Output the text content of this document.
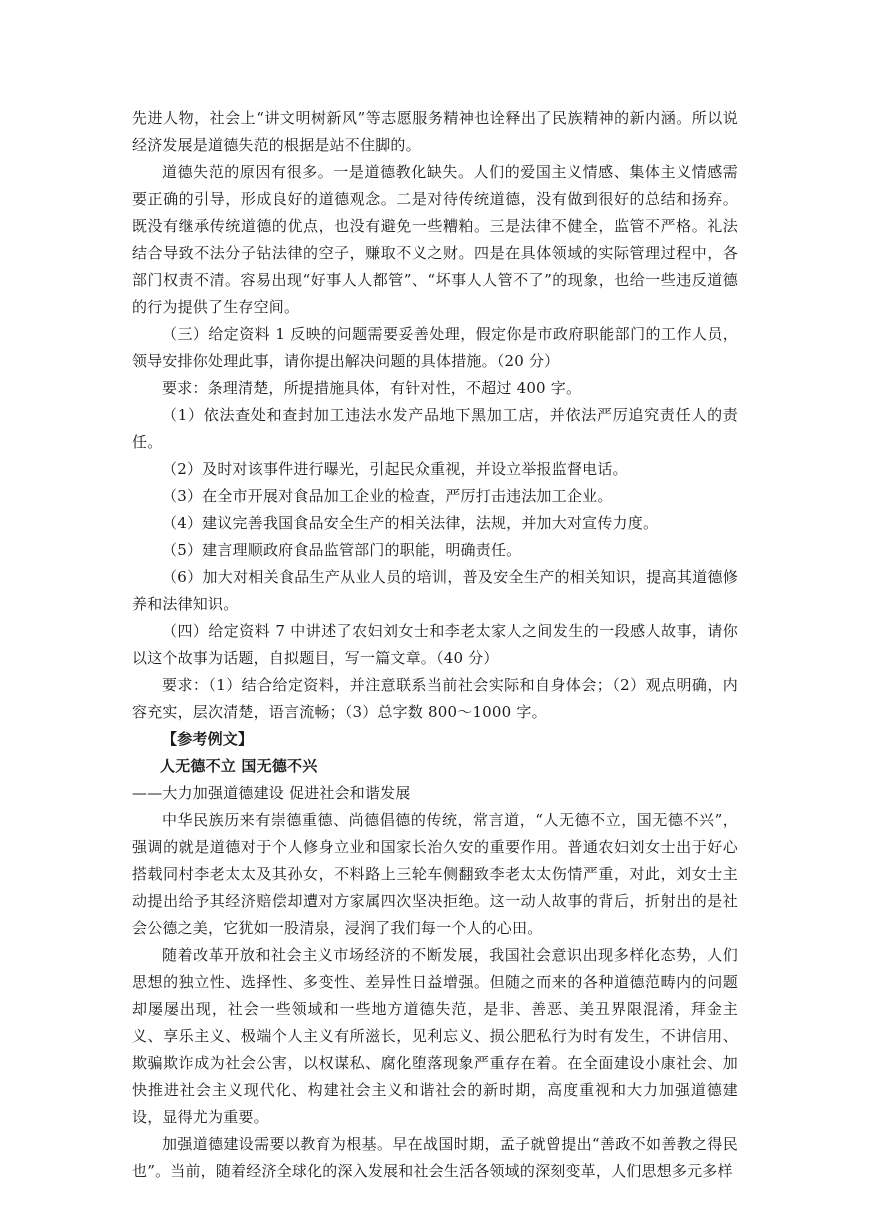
先进人物，社会上“讲文明树新风”等志愿服务精神也诠释出了民族精神的新内涵。所以说经济发展是道德失范的根据是站不住脚的。

道德失范的原因有很多。一是道德教化缺失。人们的爱国主义情感、集体主义情感需要正确的引导，形成良好的道德观念。二是对待传统道德，没有做到很好的总结和扬弃。既没有继承传统道德的优点，也没有避免一些糟粕。三是法律不健全，监管不严格。礼法结合导致不法分子钻法律的空子，赚取不义之财。四是在具体领域的实际管理过程中，各部门权责不清。容易出现“好事人人都管”、“坏事人人管不了”的现象，也给一些违反道德的行为提供了生存空间。

（三）给定资料 1 反映的问题需要妥善处理，假定你是市政府职能部门的工作人员，领导安排你处理此事，请你提出解决问题的具体措施。（20 分）

要求：条理清楚，所提措施具体，有针对性，不超过 400 字。

（1）依法查处和查封加工违法水发产品地下黑加工店，并依法严厉追究责任人的责任。

（2）及时对该事件进行曝光，引起民众重视，并设立举报监督电话。

（3）在全市开展对食品加工企业的检查，严厉打击违法加工企业。

（4）建议完善我国食品安全生产的相关法律，法规，并加大对宣传力度。

（5）建言理顺政府食品监管部门的职能，明确责任。

（6）加大对相关食品生产从业人员的培训，普及安全生产的相关知识，提高其道德修养和法律知识。

（四）给定资料 7 中讲述了农妇刘女士和李老太家人之间发生的一段感人故事，请你以这个故事为话题，自拟题目，写一篇文章。（40 分）

要求：（1）结合给定资料，并注意联系当前社会实际和自身体会；（2）观点明确，内容充实，层次清楚，语言流畅；（3）总字数 800～1000 字。

【参考例文】

人无德不立 国无德不兴

——大力加强道德建设 促进社会和谐发展

中华民族历来有崇德重德、尚德倡德的传统，常言道，“人无德不立，国无德不兴”，强调的就是道德对于个人修身立业和国家长治久安的重要作用。普通农妇刘女士出于好心搭载同村李老太太及其孙女，不料路上三轮车侧翻致李老太太伤情严重，对此，刘女士主动提出给予其经济赔偿却遭对方家属四次坚决拒绝。这一动人故事的背后，折射出的是社会公德之美，它犹如一股清泉，浸润了我们每一个人的心田。

随着改革开放和社会主义市场经济的不断发展，我国社会意识出现多样化态势，人们思想的独立性、选择性、多变性、差异性日益增强。但随之而来的各种道德范畴内的问题却屡屡出现，社会一些领域和一些地方道德失范，是非、善恶、美丑界限混淆，拜金主义、享乐主义、极端个人主义有所滋长，见利忘义、损公肥私行为时有发生，不讲信用、欺骗欺诈成为社会公害，以权谋私、腐化堕落现象严重存在着。在全面建设小康社会、加快推进社会主义现代化、构建社会主义和谐社会的新时期，高度重视和大力加强道德建设，显得尤为重要。

加强道德建设需要以教育为根基。早在战国时期，孟子就曾提出“善政不如善教之得民也”。当前，随着经济全球化的深入发展和社会生活各领域的深刻变革，人们思想多元多样
